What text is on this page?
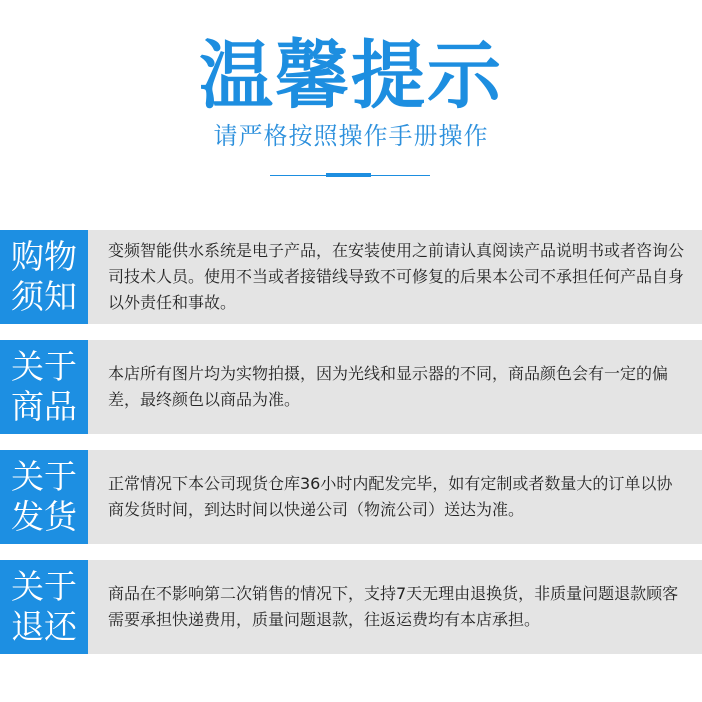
温馨提示
请严格按照操作手册操作
购物
须知

变频智能供水系统是电子产品，在安装使用之前请认真阅读产品说明书或者咨询公司技术人员。使用不当或者接错线导致不可修复的后果本公司不承担任何产品自身以外责任和事故。

关于
商品

本店所有图片均为实物拍摄，因为光线和显示器的不同，商品颜色会有一定的偏差，最终颜色以商品为准。

关于
发货

正常情况下本公司现货仓库36小时内配发完毕，如有定制或者数量大的订单以协商发货时间，到达时间以快递公司（物流公司）送达为准。

关于
退还

商品在不影响第二次销售的情况下，支持7天无理由退换货，非质量问题退款顾客需要承担快递费用，质量问题退款，往返运费均有本店承担。
